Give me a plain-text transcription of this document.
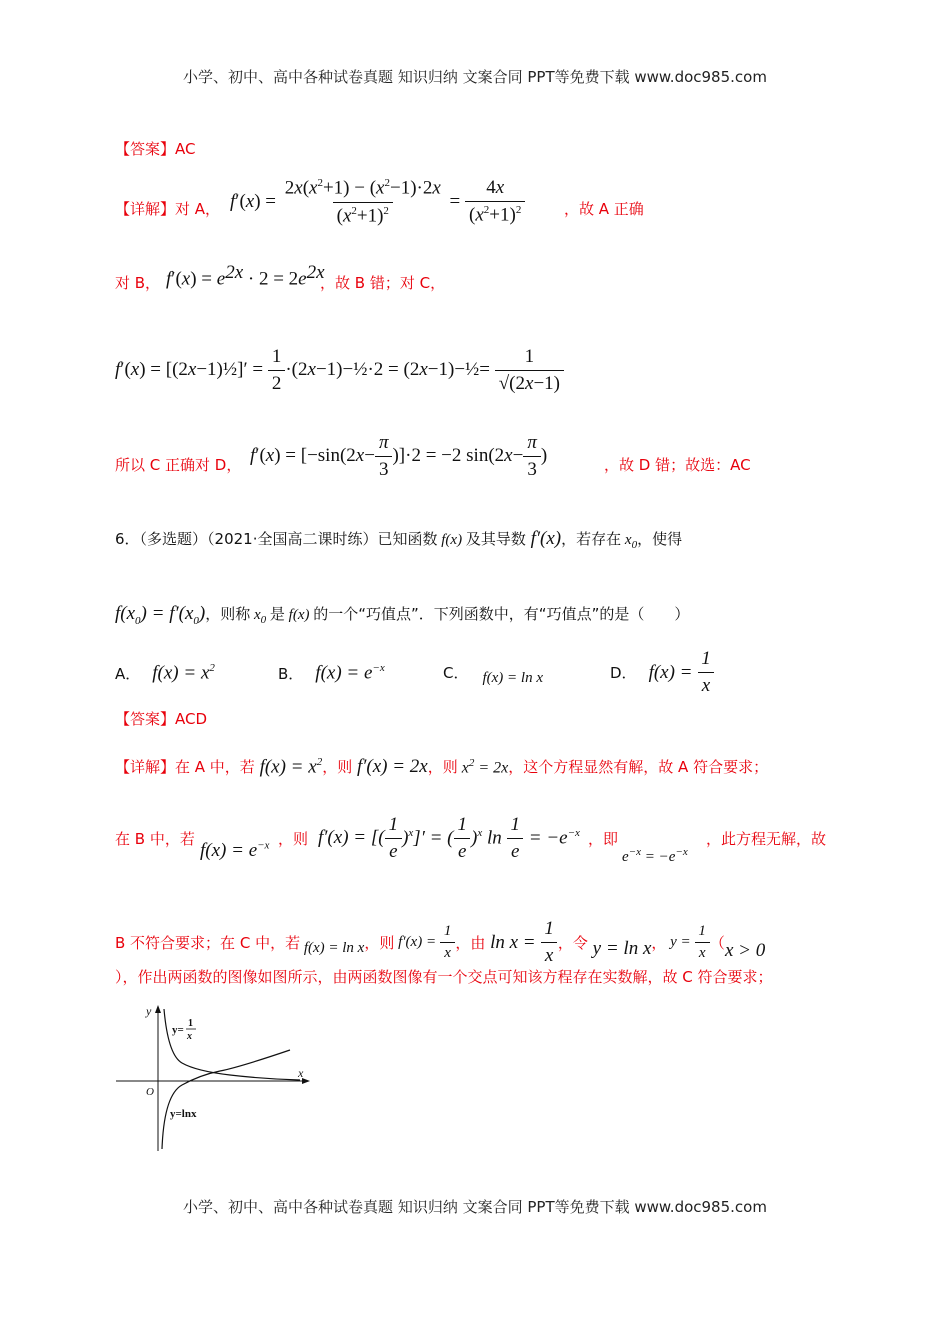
小学、初中、高中各种试卷真题 知识归纳 文案合同 PPT等免费下载 www.doc985.com
小学、初中、高中各种试卷真题 知识归纳 文案合同 PPT等免费下载 www.doc985.com
【答案】AC
【详解】对 A， f ′( x ) = $\frac{2x(x^2+1) - (x^2-1)\cdot 2x}{(x^2+1)^2} = \frac{4x}{(x^2+1)^2}$	，故 A 正确
对 B， $f'(x) = e^{2x} \cdot 2 = 2e^{2x}$
，故 B 错；对 C，
f ′( x ) = [(2 x −1) ½ ]′ = $\frac{1}{2} \cdot(2$ x −1) −½ ·2 = (2 x −1) −½ = $\frac{1}{√(2x-1)}$
所以 C 正确对 D， f ′( x ) = [−sin(2 $x - \frac{\pi}{3} )]\cdot 2 = -2$ sin(2 $x - \frac{\pi}{3}$ )	，故 D 错；故选：AC
6．（多选题）（2021·全国高二课时练）已知函数 f(x) 及其导数 f′(x) ，若存在 $x_0$ ，使得
$f(x_0) = f'(x_0)$ ，则称 $x_0$ 是 f(x) 的一个“巧值点”．下列函数中，有“巧值点”的是（　　）
A． $f(x) = x^2$	B． $f(x) = e^{-x}$	C． f(x) = ln x	D． $f(x) = \frac{1}{x}$
【答案】ACD
【详解】在 A 中，若 $f(x) = x^2$ ，则 f′(x) = 2x ，则 $x^2 = 2x$ ，这个方程显然有解，故 A 符合要求；
在 B 中，若
$f(x) = e^{-x}$ ，则 f′(x) = [( $\frac{1}{e} )^x]'$ = ( $\frac{1}{e} )^x$ $\ln \frac{1}{e} = -e^{-x}$ ，即
$e^{-x} = -e^{-x}$
，此方程无解，故
B 不符合要求；在 C 中，若 f(x) = ln x ，则 $f'(x) = \frac{1}{x}$ ，由 $\ln x = \frac{1}{x}$ ，令 y = ln x ， $y = \frac{1}{x}$ （ x > 0
），作出两函数的图像如图所示，由两函数图像有一个交点可知该方程存在实数解，故 C 符合要求；
y
x
O
y=
1
x
y=lnx
